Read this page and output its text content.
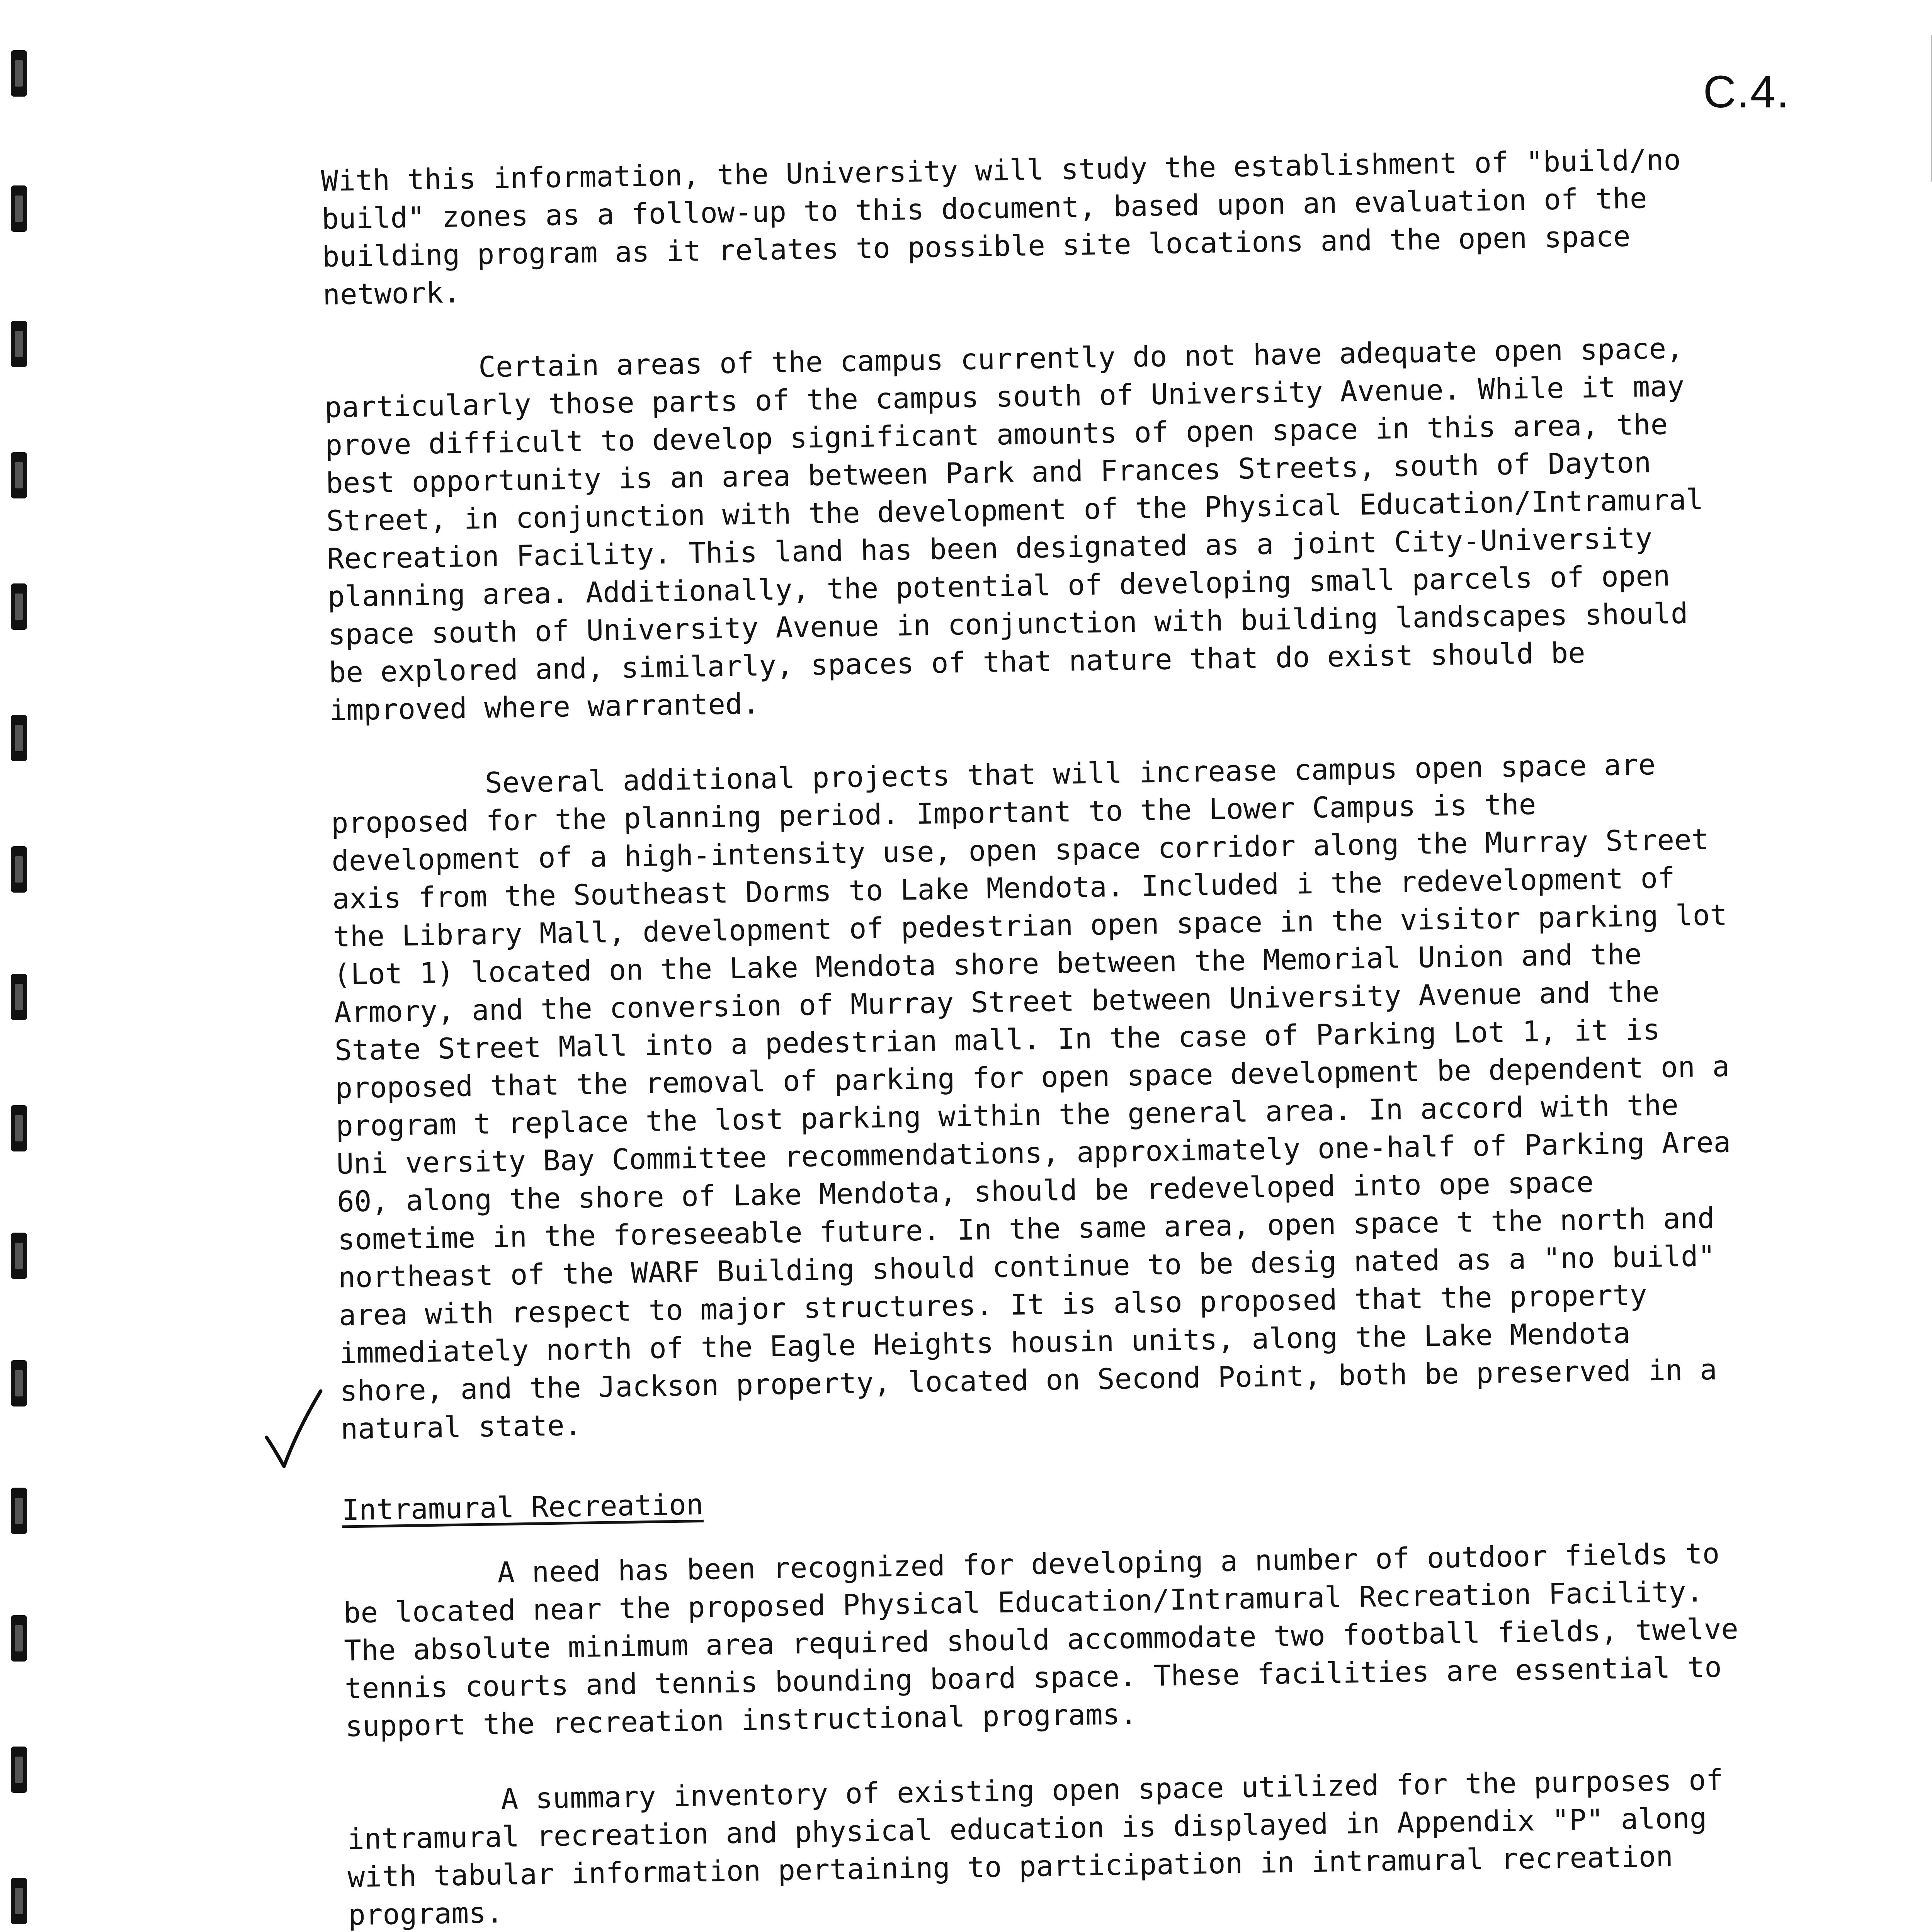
C.4.

With this information, the University will study the establishment of "build/no build" zones as a follow-up to this document, based upon an evaluation of the building program as it relates to possible site locations and the open space network.

Certain areas of the campus currently do not have adequate open space, particularly those parts of the campus south of University Avenue. While it may prove difficult to develop significant amounts of open space in this area, the best opportunity is an area between Park and Frances Streets, south of Dayton Street, in conjunction with the development of the Physical Education/Intramural Recreation Facility. This land has been designated as a joint City-University planning area. Additionally, the potential of developing small parcels of open space south of University Avenue in conjunction with building landscapes should be explored and, similarly, spaces of that nature that do exist should be improved where warranted.

Several additional projects that will increase campus open space are proposed for the planning period. Important to the Lower Campus is the development of a high-intensity use, open space corridor along the Murray Street axis from the Southeast Dorms to Lake Mendota. Included i the redevelopment of the Library Mall, development of pedestrian open space in the visitor parking lot (Lot 1) located on the Lake Mendota shore between the Memorial Union and the Armory, and the conversion of Murray Street between University Avenue and the State Street Mall into a pedestrian mall. In the case of Parking Lot 1, it is proposed that the removal of parking for open space development be dependent on a program t replace the lost parking within the general area. In accord with the Uni versity Bay Committee recommendations, approximately one-half of Parking Area 60, along the shore of Lake Mendota, should be redeveloped into ope space sometime in the foreseeable future. In the same area, open space t the north and northeast of the WARF Building should continue to be desig nated as a "no build" area with respect to major structures. It is also proposed that the property immediately north of the Eagle Heights housin units, along the Lake Mendota shore, and the Jackson property, located on Second Point, both be preserved in a natural state.

Intramural Recreation

A need has been recognized for developing a number of outdoor fields to be located near the proposed Physical Education/Intramural Recreation Facility. The absolute minimum area required should accommodate two football fields, twelve tennis courts and tennis bounding board space. These facilities are essential to support the recreation instructional programs.

A summary inventory of existing open space utilized for the purposes of intramural recreation and physical education is displayed in Appendix "P" along with tabular information pertaining to participation in intramural recreation programs.
